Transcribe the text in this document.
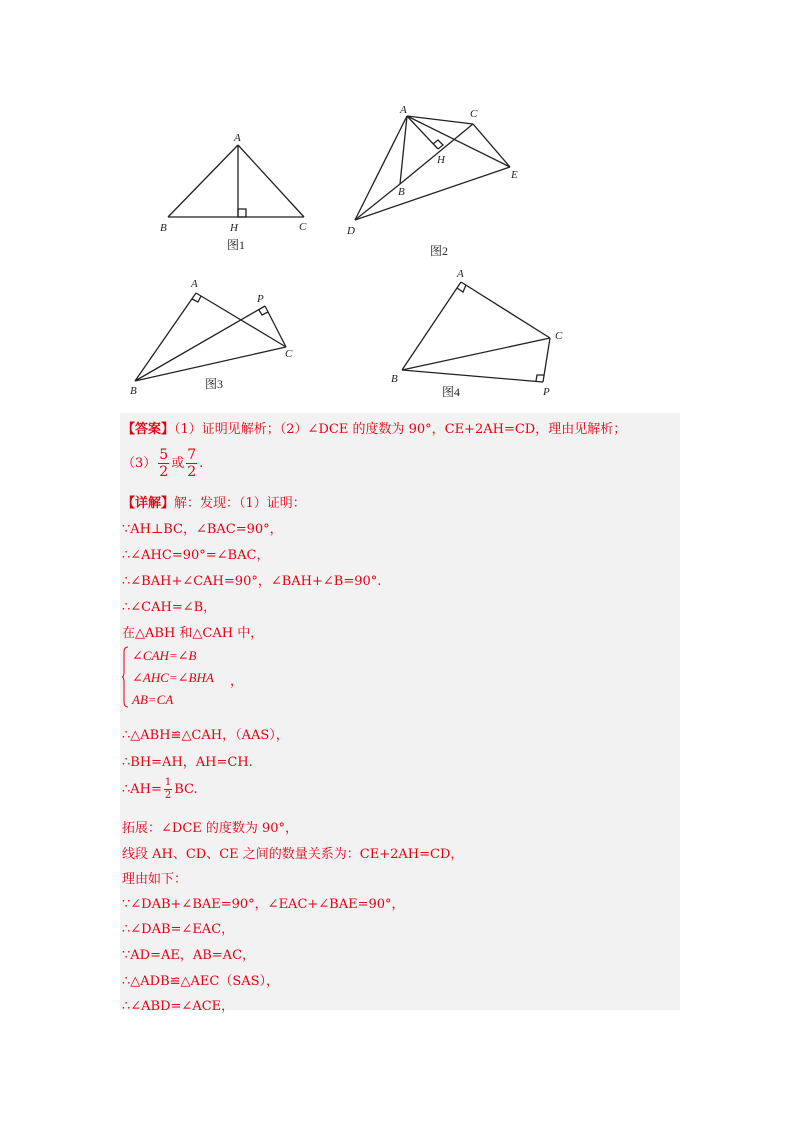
A
B	H	C
图1
A	C
H
E
B
D
图2
A
P
C
B	图3
A
C
B
P
图4
【答案】（1）证明见解析；（2）∠DCE 的度数为 90°，CE+2AH=CD，理由见解析；
$(3) \frac{5}{2}$ 或 $\frac{7}{2}$ .
【详解】解：发现：（1）证明：
∵AH⊥BC，∠BAC=90°，
∴∠AHC=90°=∠BAC，
∴∠BAH+∠CAH=90°，∠BAH+∠B=90°.
∴∠CAH=∠B，
在△ABH 和△CAH 中，
∠CAH=∠B
∠AHC=∠BHA
AB=CA
，
∴△ABH≌△CAH，（AAS），
∴BH=AH，AH=CH.
∴AH= $\frac{1}{2}$ BC.
拓展：∠DCE 的度数为 90°，
线段 AH、CD、CE 之间的数量关系为：CE+2AH=CD，
理由如下：
∵∠DAB+∠BAE=90°，∠EAC+∠BAE=90°，
∴∠DAB=∠EAC，
∵AD=AE，AB=AC，
∴△ADB≌△AEC（SAS），
∴∠ABD=∠ACE，
